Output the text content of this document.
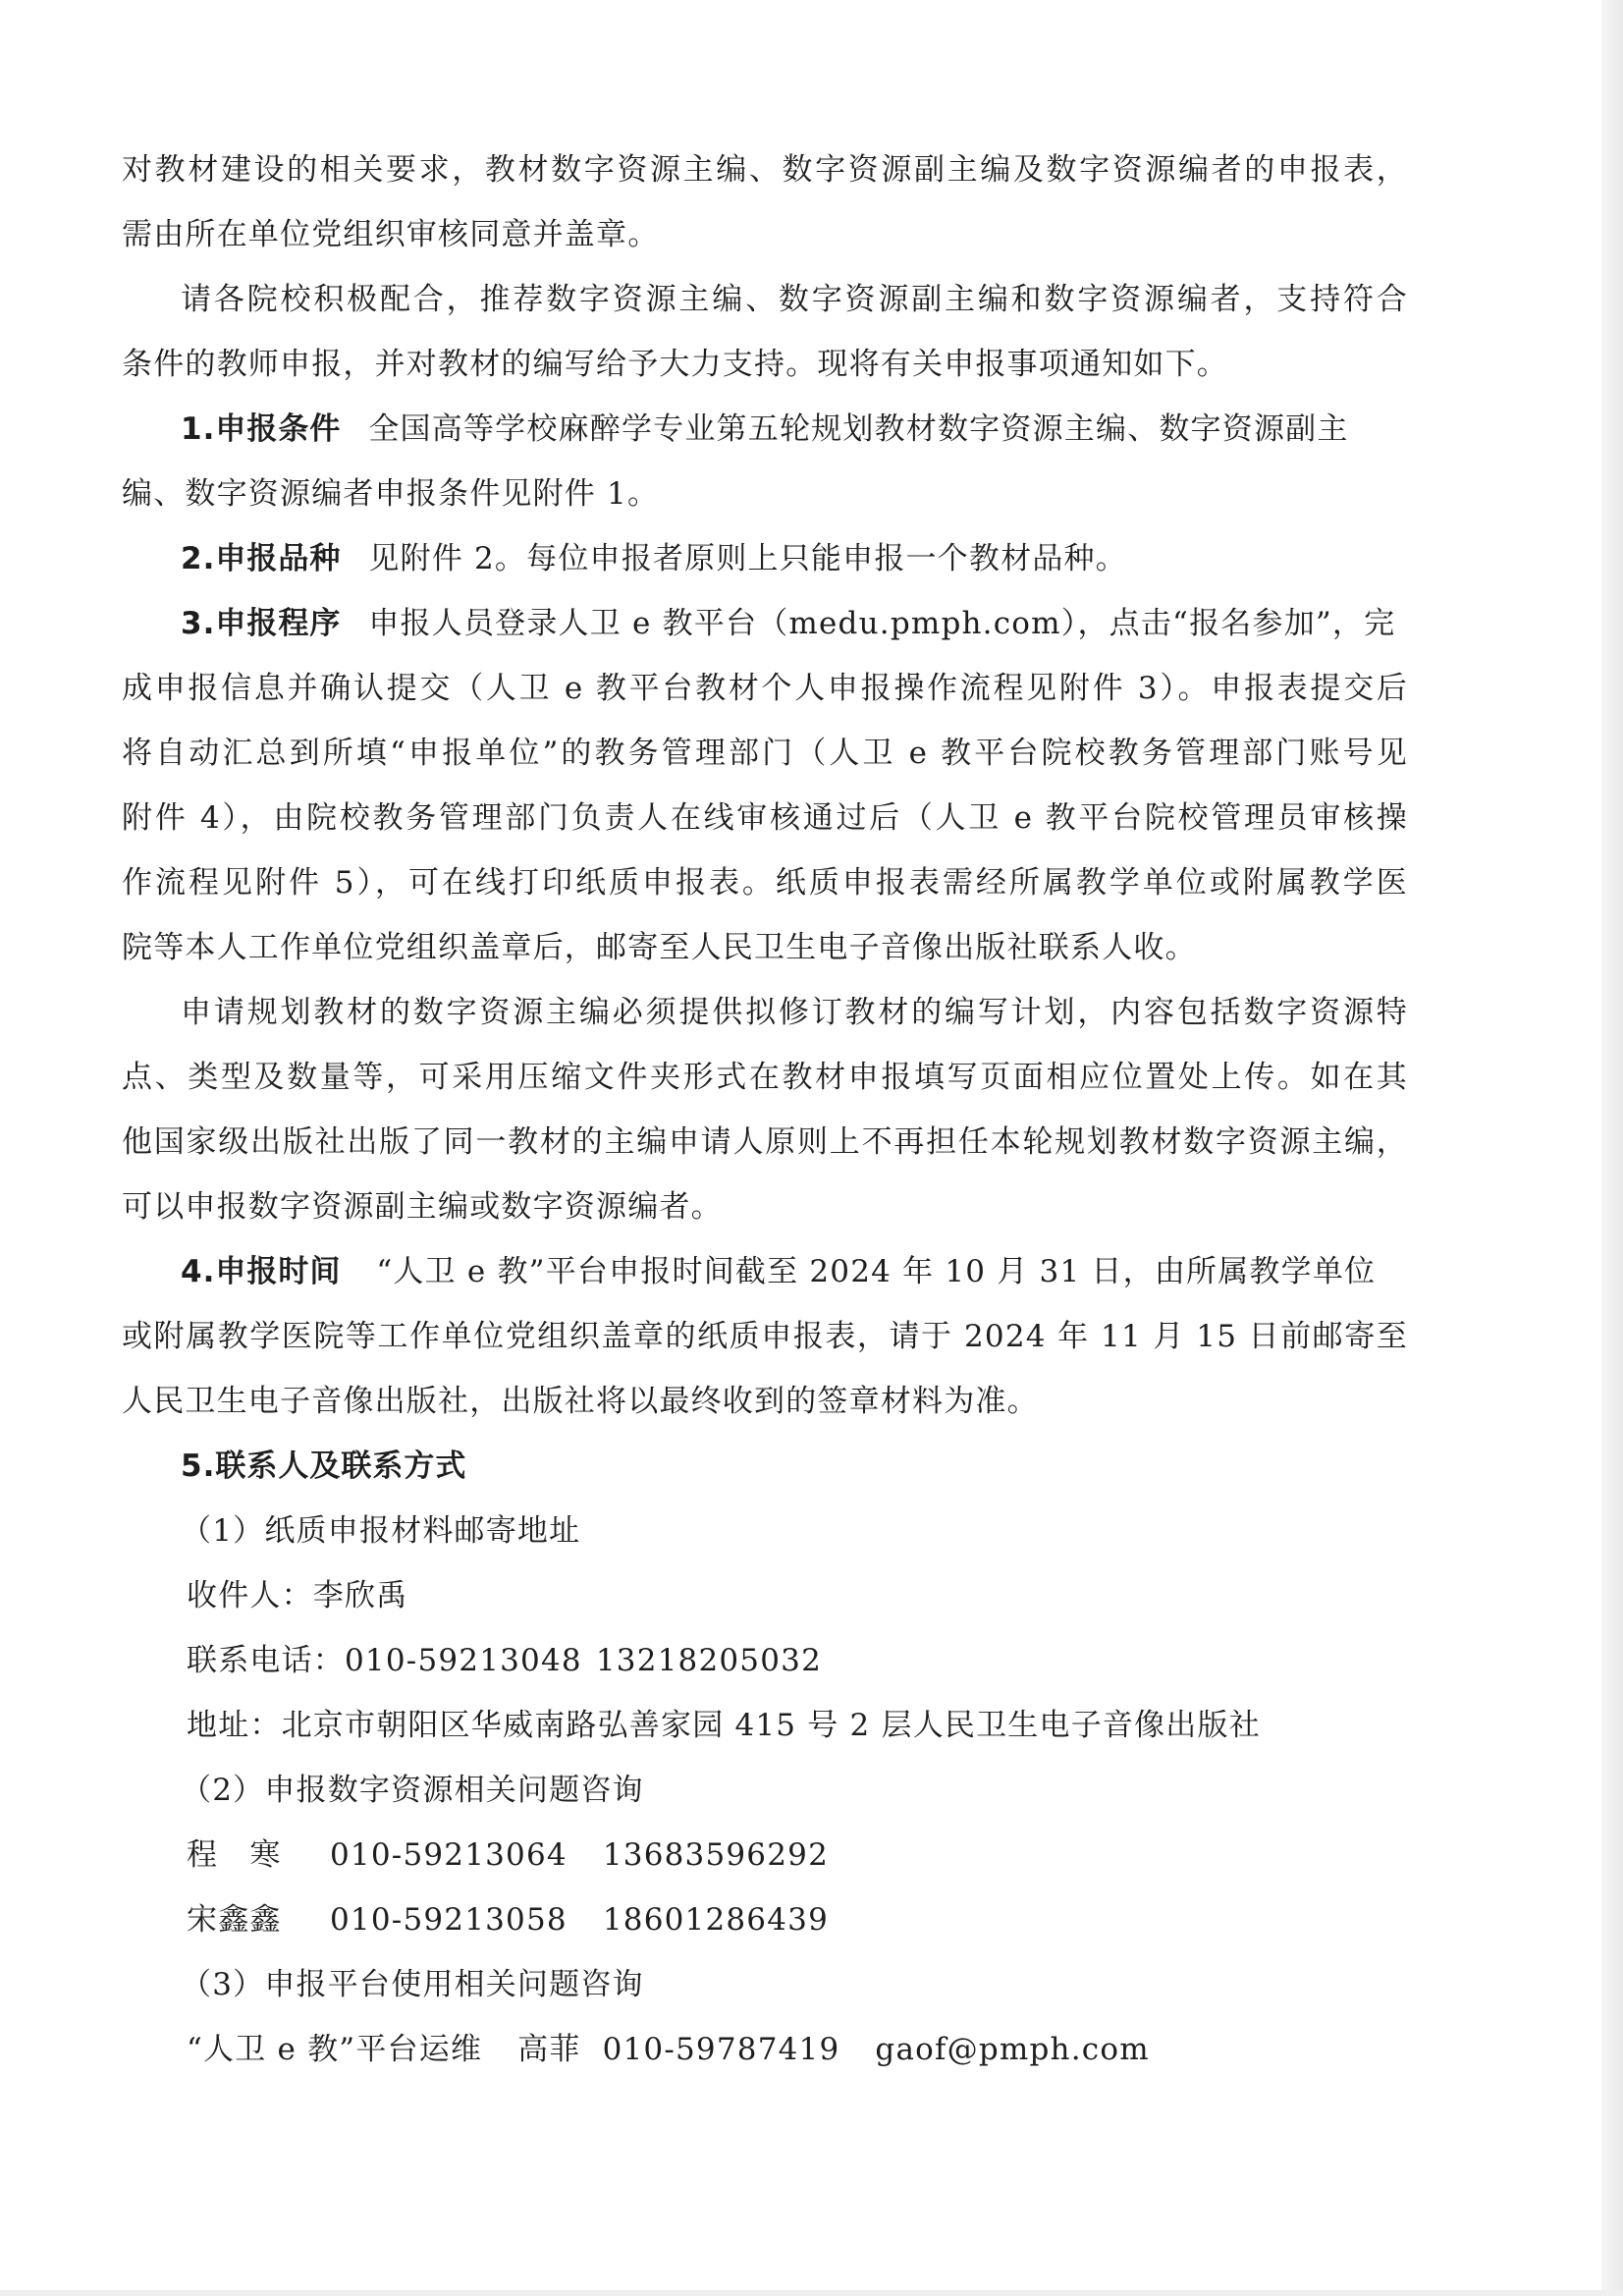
对教材建设的相关要求，教材数字资源主编、数字资源副主编及数字资源编者的申报表，
需由所在单位党组织审核同意并盖章。
请各院校积极配合，推荐数字资源主编、数字资源副主编和数字资源编者，支持符合
条件的教师申报，并对教材的编写给予大力支持。现将有关申报事项通知如下。
1.申报条件 全国高等学校麻醉学专业第五轮规划教材数字资源主编、数字资源副主
编、数字资源编者申报条件见附件 1。
2.申报品种 见附件 2。每位申报者原则上只能申报一个教材品种。
3.申报程序 申报人员登录人卫 e 教平台（medu.pmph.com），点击“报名参加”，完
成申报信息并确认提交（人卫 e 教平台教材个人申报操作流程见附件 3）。申报表提交后
将自动汇总到所填“申报单位”的教务管理部门（人卫 e 教平台院校教务管理部门账号见
附件 4），由院校教务管理部门负责人在线审核通过后（人卫 e 教平台院校管理员审核操
作流程见附件 5），可在线打印纸质申报表。纸质申报表需经所属教学单位或附属教学医
院等本人工作单位党组织盖章后，邮寄至人民卫生电子音像出版社联系人收。
申请规划教材的数字资源主编必须提供拟修订教材的编写计划，内容包括数字资源特
点、类型及数量等，可采用压缩文件夹形式在教材申报填写页面相应位置处上传。如在其
他国家级出版社出版了同一教材的主编申请人原则上不再担任本轮规划教材数字资源主编，
可以申报数字资源副主编或数字资源编者。
4.申报时间 “人卫 e 教”平台申报时间截至 2024 年 10 月 31 日，由所属教学单位
或附属教学医院等工作单位党组织盖章的纸质申报表，请于 2024 年 11 月 15 日前邮寄至
人民卫生电子音像出版社，出版社将以最终收到的签章材料为准。
5.联系人及联系方式
（1）纸质申报材料邮寄地址
收件人：李欣禹
联系电话：010-59213048 13218205032
地址：北京市朝阳区华威南路弘善家园 415 号 2 层人民卫生电子音像出版社
（2）申报数字资源相关问题咨询
程　寒 010-59213064 13683596292
宋鑫鑫 010-59213058 18601286439
（3）申报平台使用相关问题咨询
“人卫 e 教”平台运维 高菲 010-59787419 gaof@pmph.com
